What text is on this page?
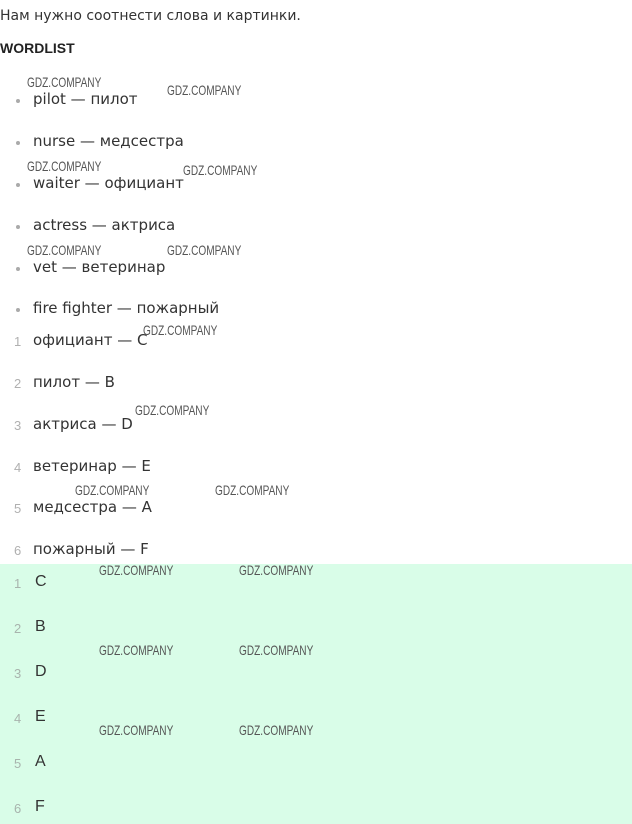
Нам нужно соотнести слова и картинки.
WORDLIST
pilot — пилот
nurse — медсестра
waiter — официант
actress — актриса
vet — ветеринар
fire fighter — пожарный
1 официант — C
2 пилот — B
3 актриса — D
4 ветеринар — E
5 медсестра — A
6 пожарный — F
1 C
2 B
3 D
4 E
5 A
6 F
GDZ.COMPANY	GDZ.COMPANY
GDZ.COMPANY	GDZ.COMPANY
GDZ.COMPANY	GDZ.COMPANY
GDZ.COMPANY
GDZ.COMPANY
GDZ.COMPANY	GDZ.COMPANY
GDZ.COMPANY	GDZ.COMPANY
GDZ.COMPANY	GDZ.COMPANY
GDZ.COMPANY	GDZ.COMPANY
